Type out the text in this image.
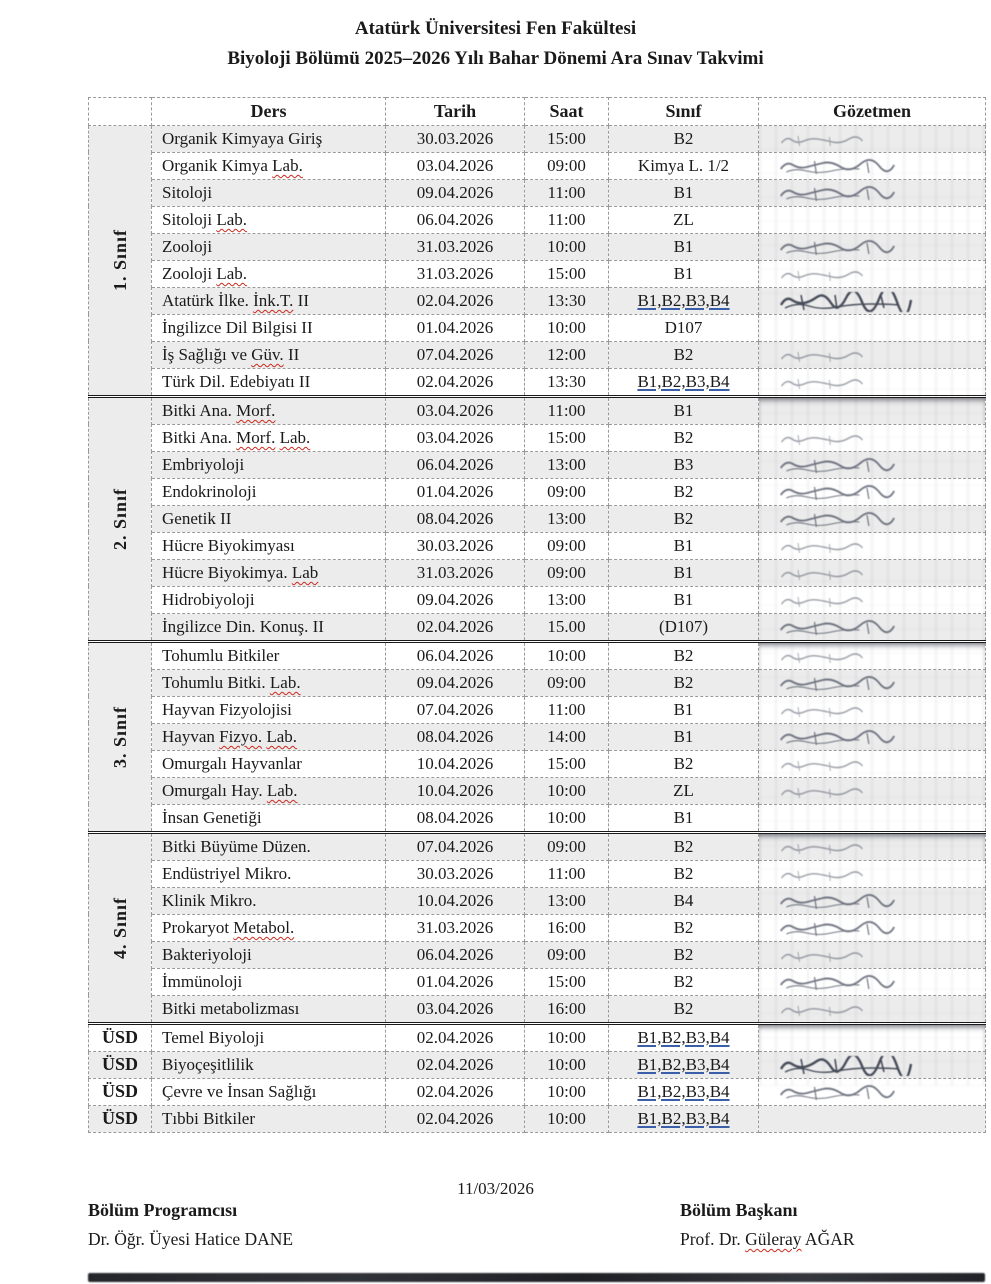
Atatürk Üniversitesi Fen Fakültesi
Biyoloji Bölümü 2025–2026 Yılı Bahar Dönemi Ara Sınav Takvimi
	Ders	Tarih	Saat	Sınıf	Gözetmen

1. Sınıf	Organik Kimyaya Giriş	30.03.2026	15:00	B2	

	Organik Kimya Lab.	03.04.2026	09:00	Kimya L. 1/2	

	Sitoloji	09.04.2026	11:00	B1	

	Sitoloji Lab.	06.04.2026	11:00	ZL	
	Zooloji	31.03.2026	10:00	B1	

	Zooloji Lab.	31.03.2026	15:00	B1	

	Atatürk İlke. İnk.T. II	02.04.2026	13:30	B1,B2,B3,B4	

	İngilizce Dil Bilgisi II	01.04.2026	10:00	D107	
	İş Sağlığı ve Güv. II	07.04.2026	12:00	B2	

	Türk Dil. Edebiyatı II	02.04.2026	13:30	B1,B2,B3,B4	

2. Sınıf	Bitki Ana. Morf.	03.04.2026	11:00	B1	
	Bitki Ana. Morf. Lab.	03.04.2026	15:00	B2	

	Embriyoloji	06.04.2026	13:00	B3	

	Endokrinoloji	01.04.2026	09:00	B2	

	Genetik II	08.04.2026	13:00	B2	

	Hücre Biyokimyası	30.03.2026	09:00	B1	

	Hücre Biyokimya. Lab	31.03.2026	09:00	B1	

	Hidrobiyoloji	09.04.2026	13:00	B1	

	İngilizce Din. Konuş. II	02.04.2026	15.00	(D107)	

3. Sınıf	Tohumlu Bitkiler	06.04.2026	10:00	B2	

	Tohumlu Bitki. Lab.	09.04.2026	09:00	B2	

	Hayvan Fizyolojisi	07.04.2026	11:00	B1	

	Hayvan Fizyo. Lab.	08.04.2026	14:00	B1	

	Omurgalı Hayvanlar	10.04.2026	15:00	B2	

	Omurgalı Hay. Lab.	10.04.2026	10:00	ZL	

	İnsan Genetiği	08.04.2026	10:00	B1	

4. Sınıf	Bitki Büyüme Düzen.	07.04.2026	09:00	B2	

	Endüstriyel Mikro.	30.03.2026	11:00	B2	

	Klinik Mikro.	10.04.2026	13:00	B4	

	Prokaryot Metabol.	31.03.2026	16:00	B2	

	Bakteriyoloji	06.04.2026	09:00	B2	

	İmmünoloji	01.04.2026	15:00	B2	

	Bitki metabolizması	03.04.2026	16:00	B2	

ÜSD	Temel Biyoloji	02.04.2026	10:00	B1,B2,B3,B4	
ÜSD	Biyoçeşitlilik	02.04.2026	10:00	B1,B2,B3,B4	

ÜSD	Çevre ve İnsan Sağlığı	02.04.2026	10:00	B1,B2,B3,B4	

ÜSD	Tıbbi Bitkiler	02.04.2026	10:00	B1,B2,B3,B4	
11/03/2026
Bölüm Programcısı
Dr. Öğr. Üyesi Hatice DANE
Bölüm Başkanı
Prof. Dr. Güleray AĞAR
